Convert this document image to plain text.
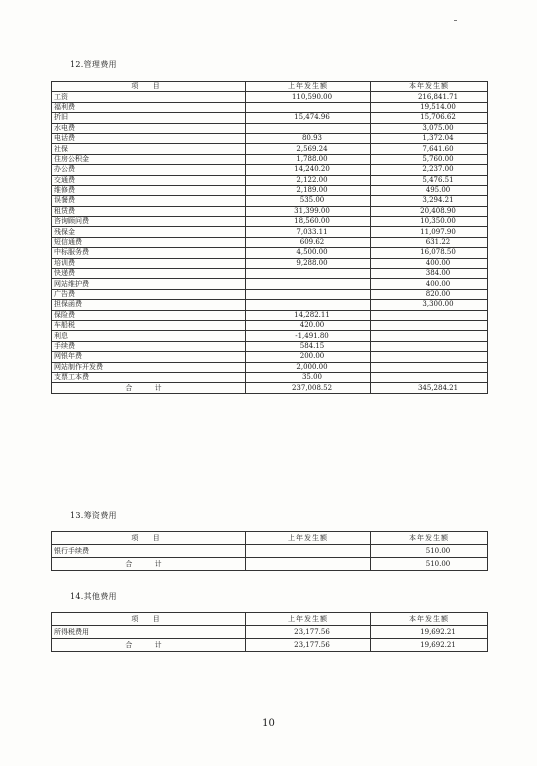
12.管理费用
项 目	上年发生额	本年发生额
工资	110,590.00	216,841.71
福利费		19,514.00
折旧	15,474.96	15,706.62
水电费		3,075.00
电话费	80.93	1,372.04
社保	2,569.24	7,641.60
住房公积金	1,788.00	5,760.00
办公费	14,240.20	2,237.00
交通费	2,122.00	5,476.51
维修费	2,189.00	495.00
误餐费	535.00	3,294.21
租赁费	31,399.00	20,408.90
咨询顾问费	18,560.00	10,350.00
残保金	7,033.11	11,097.90
短信通费	609.62	631.22
中标服务费	4,500.00	16,078.50
培训费	9,288.00	400.00
快递费		384.00
网站维护费		400.00
广告费		820.00
担保函费		3,300.00
保险费	14,282.11	
车船税	420.00	
利息	-1,491.80	
手续费	584.15	
网银年费	200.00	
网站制作开发费	2,000.00	
支票工本费	35.00	
合 计	237,008.52	345,284.21
13.筹资费用
项 目	上年发生额	本年发生额
银行手续费		510.00
合 计		510.00
14.其他费用
项 目	上年发生额	本年发生额
所得税费用	23,177.56	19,692.21
合 计	23,177.56	19,692.21
10
